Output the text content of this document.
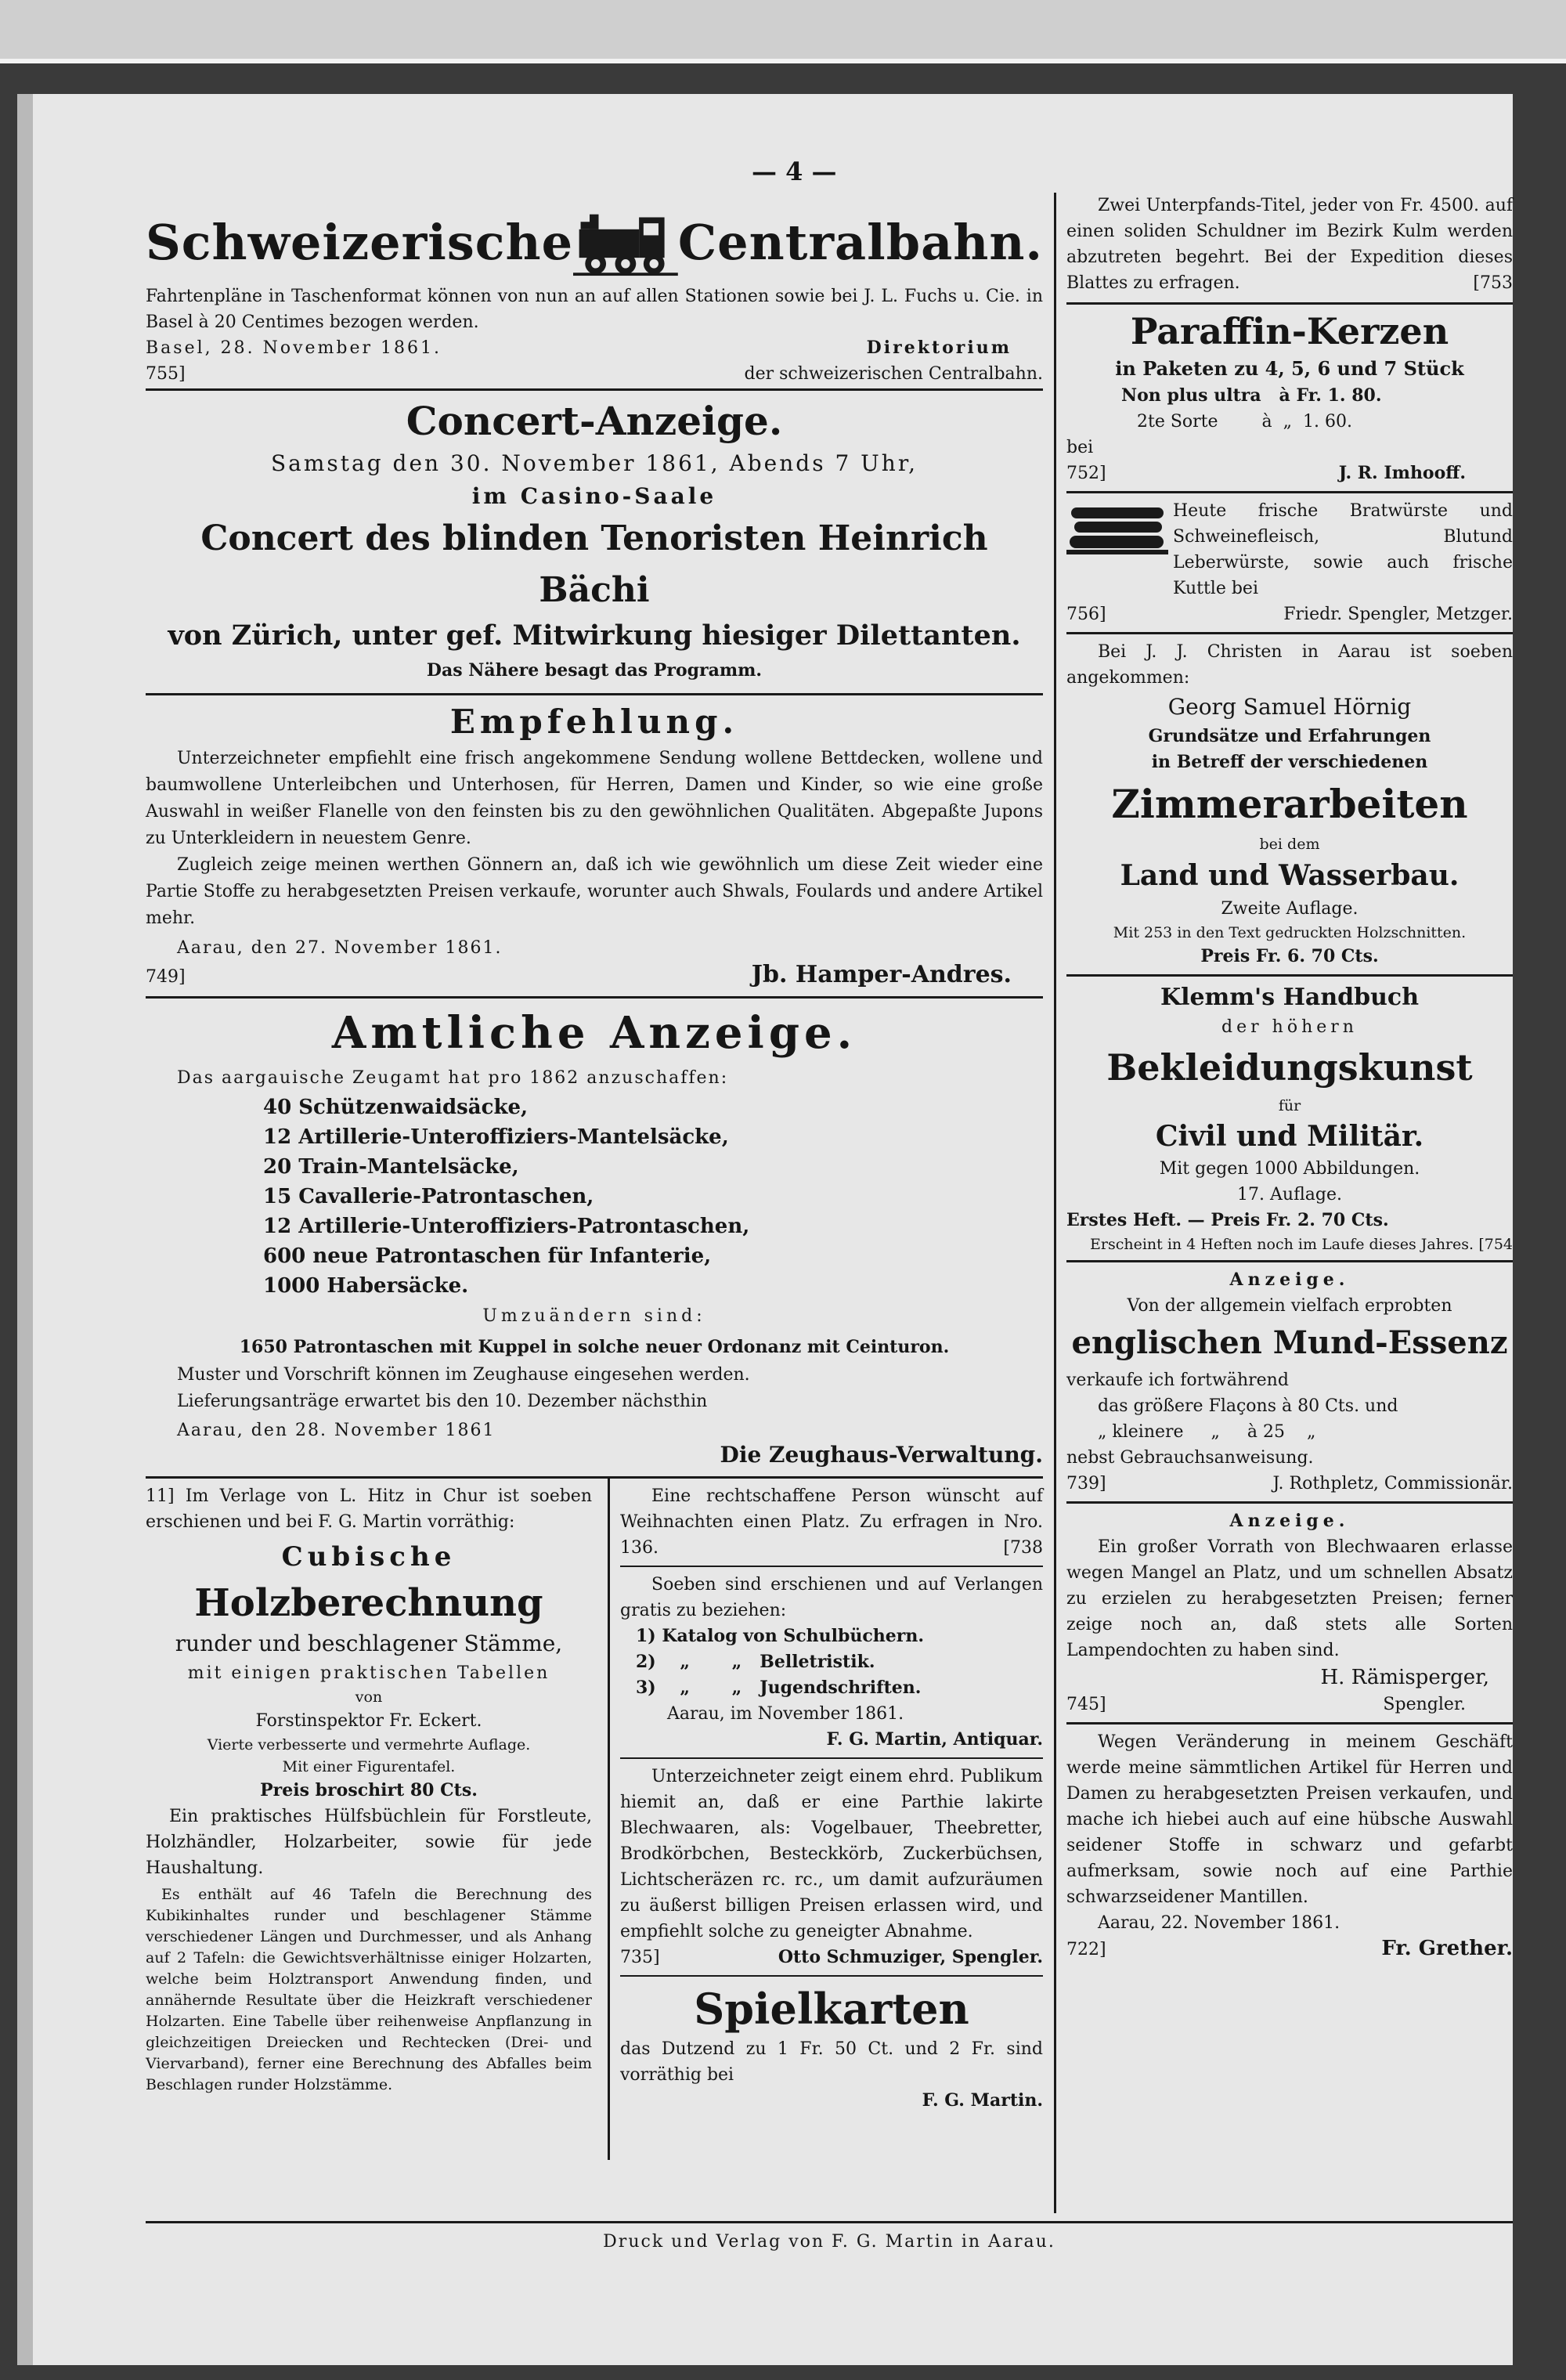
— 4 —
Schweizerische Centralbahn.

Fahrtenpläne in Taschenformat können von nun an auf allen Stationen sowie bei J. L. Fuchs u. Cie. in Basel à 20 Centimes bezogen werden.

Basel, 28. November 1861.	Direktorium
755]	der schweizerischen Centralbahn.
Concert-Anzeige.
Samstag den 30. November 1861, Abends 7 Uhr,
im Casino-Saale
Concert des blinden Tenoristen Heinrich Bächi
von Zürich, unter gef. Mitwirkung hiesiger Dilettanten.
Das Nähere besagt das Programm.
Empfehlung.

Unterzeichneter empfiehlt eine frisch angekommene Sendung wollene Bettdecken, wollene und baumwollene Unterleibchen und Unterhosen, für Herren, Damen und Kinder, so wie eine große Auswahl in weißer Flanelle von den feinsten bis zu den gewöhnlichen Qualitäten. Abgepaßte Jupons zu Unterkleidern in neuestem Genre.

Zugleich zeige meinen werthen Gönnern an, daß ich wie gewöhnlich um diese Zeit wieder eine Partie Stoffe zu herabgesetzten Preisen verkaufe, worunter auch Shwals, Foulards und andere Artikel mehr.

Aarau, den 27. November 1861.
749]	Jb. Hamper-Andres.
Amtliche Anzeige.
Das aargauische Zeugamt hat pro 1862 anzuschaffen:
40 Schützenwaidsäcke,
12 Artillerie-Unteroffiziers-Mantelsäcke,
20 Train-Mantelsäcke,
15 Cavallerie-Patrontaschen,
12 Artillerie-Unteroffiziers-Patrontaschen,
600 neue Patrontaschen für Infanterie,
1000 Habersäcke.
Umzuändern sind:
1650 Patrontaschen mit Kuppel in solche neuer Ordonanz mit Ceinturon.
Muster und Vorschrift können im Zeughause eingesehen werden.
Lieferungsanträge erwartet bis den 10. Dezember nächsthin
Aarau, den 28. November 1861
Die Zeughaus-Verwaltung.

11] Im Verlage von L. Hitz in Chur ist soeben erschienen und bei F. G. Martin vorräthig:

Cubische
Holzberechnung
runder und beschlagener Stämme,
mit einigen praktischen Tabellen
von
Forstinspektor Fr. Eckert.
Vierte verbesserte und vermehrte Auflage.
Mit einer Figurentafel.
Preis broschirt 80 Cts.

Ein praktisches Hülfsbüchlein für Forstleute, Holzhändler, Holzarbeiter, sowie für jede Haushaltung.

Es enthält auf 46 Tafeln die Berechnung des Kubikinhaltes runder und beschlagener Stämme verschiedener Längen und Durchmesser, und als Anhang auf 2 Tafeln: die Gewichtsverhältnisse einiger Holzarten, welche beim Holztransport Anwendung finden, und annähernde Resultate über die Heizkraft verschiedener Holzarten. Eine Tabelle über reihenweise Anpflanzung in gleichzeitigen Dreiecken und Rechtecken (Drei- und Viervarband), ferner eine Berechnung des Abfalles beim Beschlagen runder Holzstämme.

Eine rechtschaffene Person wünscht auf Weihnachten einen Platz. Zu erfragen in Nro. 136.	[738

Soeben sind erschienen und auf Verlangen gratis zu beziehen:

1) Katalog von Schulbüchern.
2)    „       „   Belletristik.
3)    „       „   Jugendschriften.
Aarau, im November 1861.
F. G. Martin, Antiquar.

Unterzeichneter zeigt einem ehrd. Publikum hiemit an, daß er eine Parthie lakirte Blechwaaren, als: Vogelbauer, Theebretter, Brodkörbchen, Besteckkörb, Zuckerbüchsen, Lichtscheräzen rc. rc., um damit aufzuräumen zu äußerst billigen Preisen erlassen wird, und empfiehlt solche zu geneigter Abnahme.

735]	Otto Schmuziger, Spengler.
Spielkarten

das Dutzend zu 1 Fr. 50 Ct. und 2 Fr. sind vorräthig bei

F. G. Martin.

Zwei Unterpfands-Titel, jeder von Fr. 4500. auf einen soliden Schuldner im Bezirk Kulm werden abzutreten begehrt. Bei der Expedition dieses Blattes zu erfragen.	[753
Paraffin-Kerzen
in Paketen zu 4, 5, 6 und 7 Stück
Non plus ultra   à Fr. 1. 80.
2te Sorte        à  „  1. 60.
bei
752]	J. R. Imhooff.

Heute frische Bratwürste und Schweinefleisch, Blutund Leberwürste, sowie auch frische Kuttle bei

756]	Friedr. Spengler, Metzger.

Bei J. J. Christen in Aarau ist soeben angekommen:

Georg Samuel Hörnig
Grundsätze und Erfahrungen
in Betreff der verschiedenen
Zimmerarbeiten
bei dem
Land und Wasserbau.
Zweite Auflage.
Mit 253 in den Text gedruckten Holzschnitten.
Preis Fr. 6. 70 Cts.
Klemm's Handbuch
der höhern
Bekleidungskunst
für
Civil und Militär.
Mit gegen 1000 Abbildungen.
17. Auflage.
Erstes Heft. — Preis Fr. 2. 70 Cts.

Erscheint in 4 Heften noch im Laufe dieses Jahres. [754
Anzeige.
Von der allgemein vielfach erprobten
englischen Mund-Essenz
verkaufe ich fortwährend
das größere Flaçons à 80 Cts. und
„ kleinere     „     à 25    „
nebst Gebrauchsanweisung.
739]	J. Rothpletz, Commissionär.
Anzeige.

Ein großer Vorrath von Blechwaaren erlasse wegen Mangel an Platz, und um schnellen Absatz zu erzielen zu herabgesetzten Preisen; ferner zeige noch an, daß stets alle Sorten Lampendochten zu haben sind.

H. Rämisperger,
745]	Spengler.

Wegen Veränderung in meinem Geschäft werde meine sämmtlichen Artikel für Herren und Damen zu herabgesetzten Preisen verkaufen, und mache ich hiebei auch auf eine hübsche Auswahl seidener Stoffe in schwarz und gefarbt aufmerksam, sowie noch auf eine Parthie schwarzseidener Mantillen.

Aarau, 22. November 1861.
722]	Fr. Grether.
Druck und Verlag von F. G. Martin in Aarau.
